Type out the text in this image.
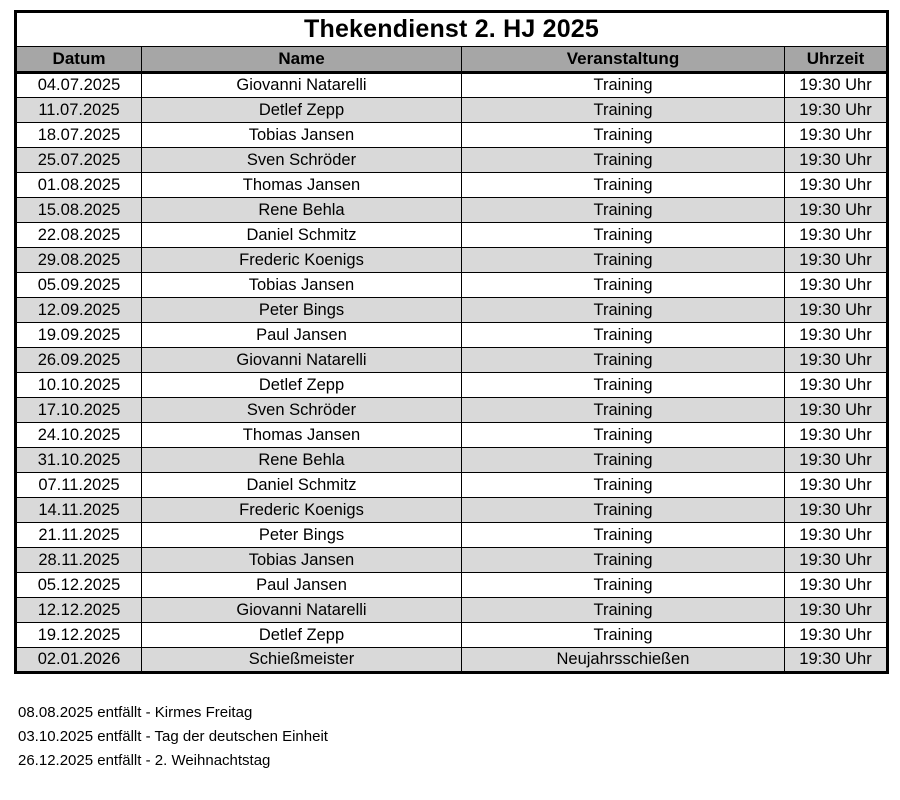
Thekendienst 2. HJ 2025			
Datum	Name	Veranstaltung	Uhrzeit
04.07.2025	Giovanni Natarelli	Training	19:30 Uhr
11.07.2025	Detlef Zepp	Training	19:30 Uhr
18.07.2025	Tobias Jansen	Training	19:30 Uhr
25.07.2025	Sven Schröder	Training	19:30 Uhr
01.08.2025	Thomas Jansen	Training	19:30 Uhr
15.08.2025	Rene Behla	Training	19:30 Uhr
22.08.2025	Daniel Schmitz	Training	19:30 Uhr
29.08.2025	Frederic Koenigs	Training	19:30 Uhr
05.09.2025	Tobias Jansen	Training	19:30 Uhr
12.09.2025	Peter Bings	Training	19:30 Uhr
19.09.2025	Paul Jansen	Training	19:30 Uhr
26.09.2025	Giovanni Natarelli	Training	19:30 Uhr
10.10.2025	Detlef Zepp	Training	19:30 Uhr
17.10.2025	Sven Schröder	Training	19:30 Uhr
24.10.2025	Thomas Jansen	Training	19:30 Uhr
31.10.2025	Rene Behla	Training	19:30 Uhr
07.11.2025	Daniel Schmitz	Training	19:30 Uhr
14.11.2025	Frederic Koenigs	Training	19:30 Uhr
21.11.2025	Peter Bings	Training	19:30 Uhr
28.11.2025	Tobias Jansen	Training	19:30 Uhr
05.12.2025	Paul Jansen	Training	19:30 Uhr
12.12.2025	Giovanni Natarelli	Training	19:30 Uhr
19.12.2025	Detlef Zepp	Training	19:30 Uhr
02.01.2026	Schießmeister	Neujahrsschießen	19:30 Uhr
08.08.2025 entfällt - Kirmes Freitag
03.10.2025 entfällt - Tag der deutschen Einheit
26.12.2025 entfällt - 2. Weihnachtstag
